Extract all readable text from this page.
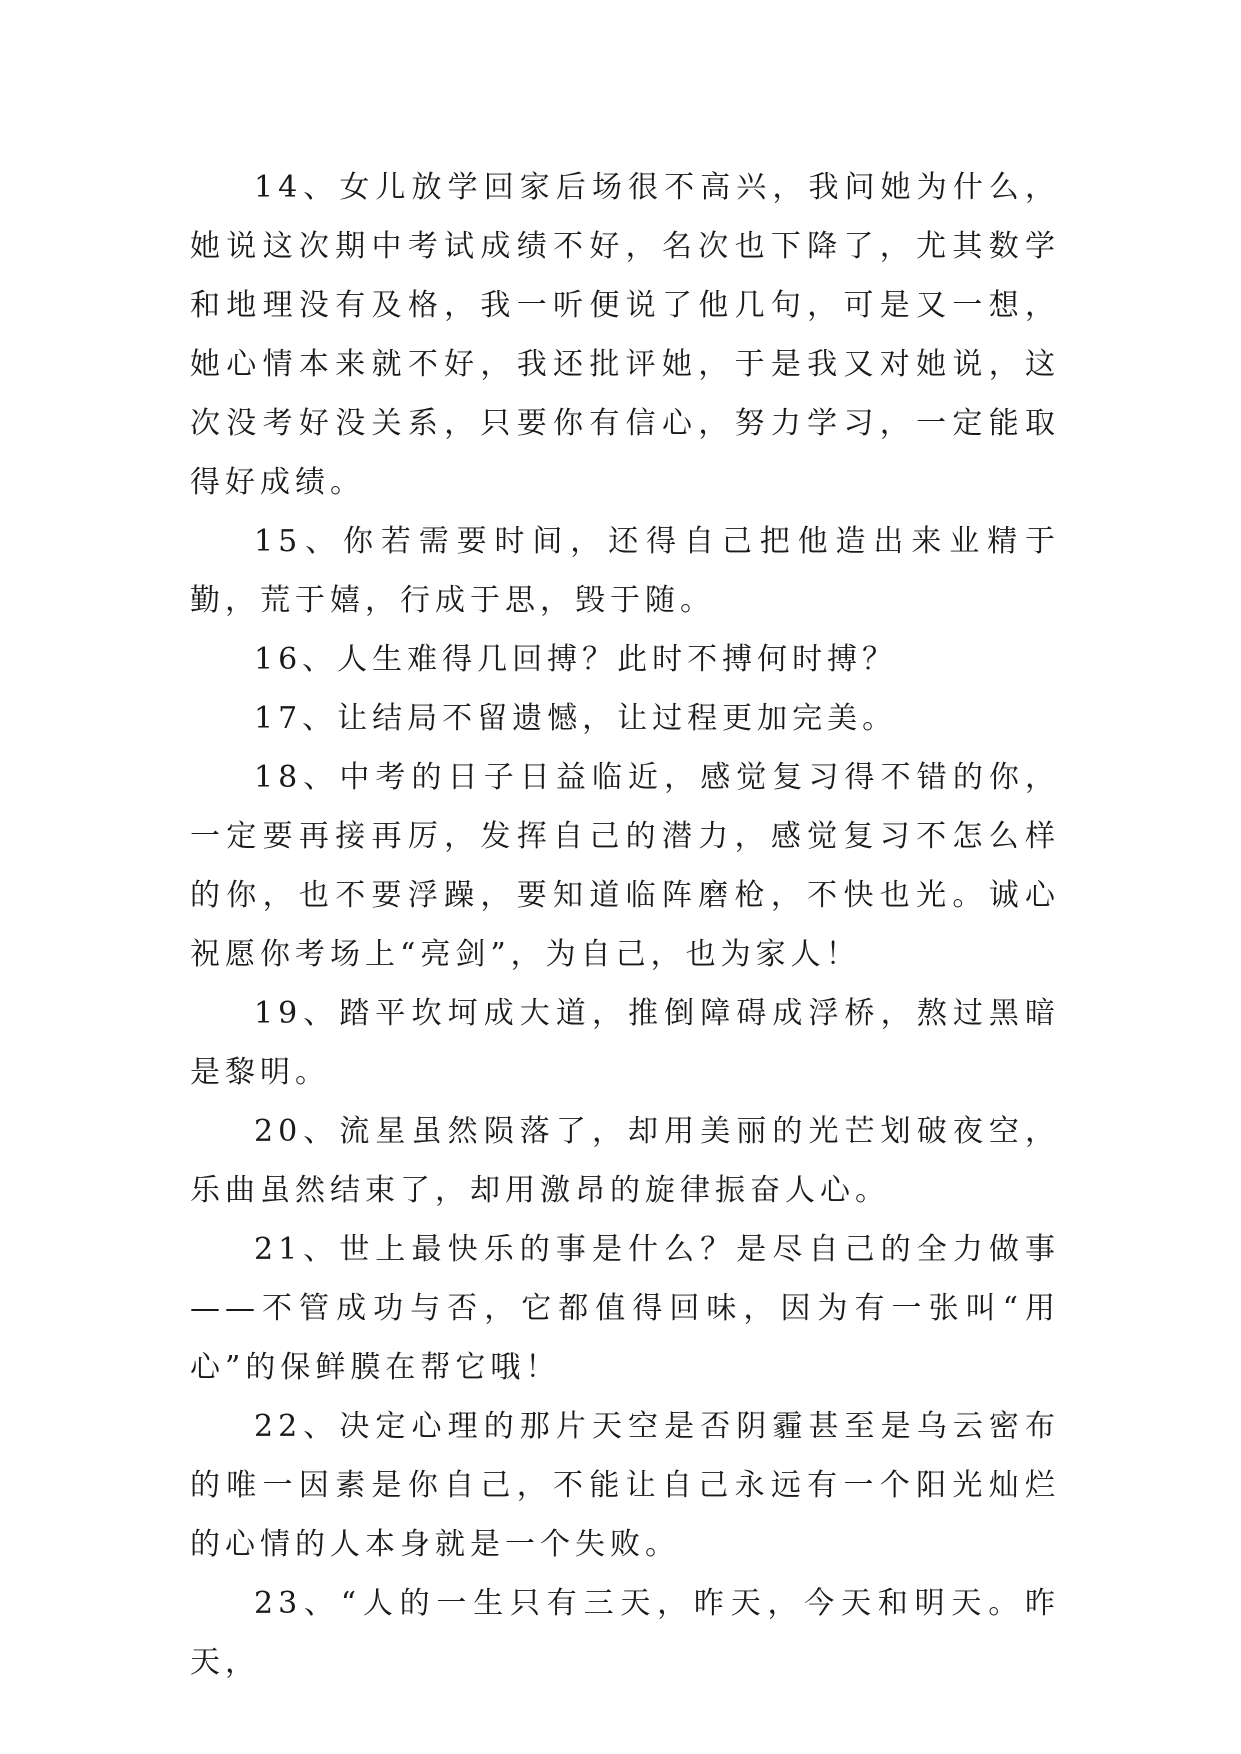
14、女儿放学回家后场很不高兴，我问她为什么，她说这次期中考试成绩不好，名次也下降了，尤其数学和地理没有及格，我一听便说了他几句，可是又一想，她心情本来就不好，我还批评她，于是我又对她说，这次没考好没关系，只要你有信心，努力学习，一定能取得好成绩。

15、你若需要时间，还得自己把他造出来业精于勤，荒于嬉，行成于思，毁于随。

16、人生难得几回搏？此时不搏何时搏？

17、让结局不留遗憾，让过程更加完美。

18、中考的日子日益临近，感觉复习得不错的你，一定要再接再厉，发挥自己的潜力，感觉复习不怎么样的你，也不要浮躁，要知道临阵磨枪，不快也光。诚心祝愿你考场上“亮剑”，为自己，也为家人！

19、踏平坎坷成大道，推倒障碍成浮桥，熬过黑暗是黎明。

20、流星虽然陨落了，却用美丽的光芒划破夜空，乐曲虽然结束了，却用激昂的旋律振奋人心。

21、世上最快乐的事是什么？是尽自己的全力做事——不管成功与否，它都值得回味，因为有一张叫“用心”的保鲜膜在帮它哦！

22、决定心理的那片天空是否阴霾甚至是乌云密布的唯一因素是你自己，不能让自己永远有一个阳光灿烂的心情的人本身就是一个失败。

23、“人的一生只有三天，昨天，今天和明天。昨天，
